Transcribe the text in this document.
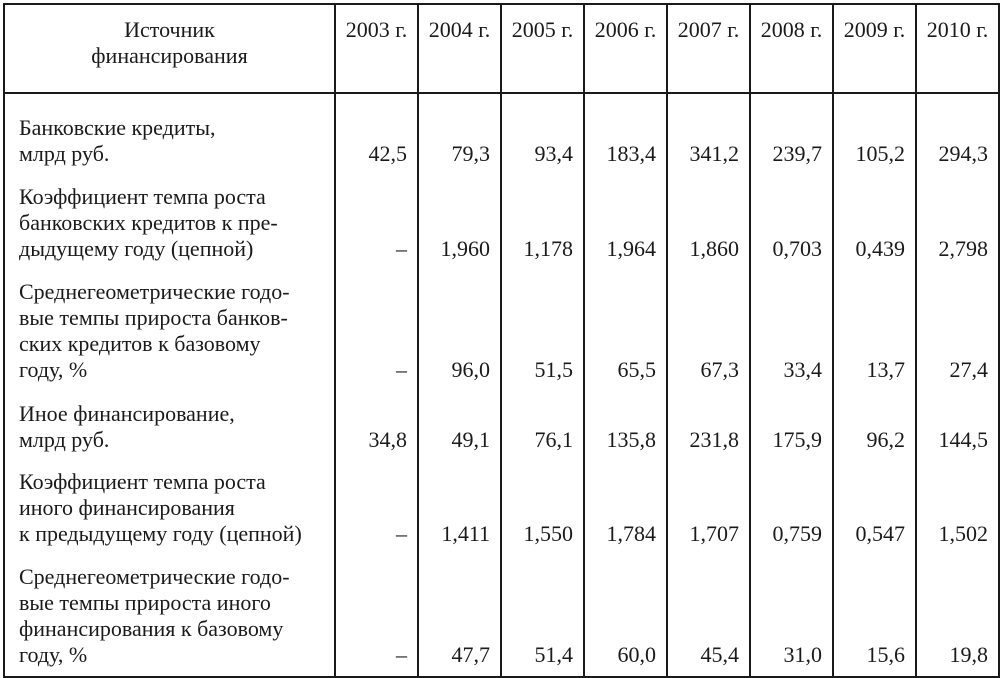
Источник
финансирования	2003 г.	2004 г.	2005 г.	2006 г.	2007 г.	2008 г.	2009 г.	2010 г.
Банковские кредиты,
млрд руб.	42,5	79,3	93,4	183,4	341,2	239,7	105,2	294,3
Коэффициент темпа роста
банковских кредитов к пре-
дыдущему году (цепной)	–	1,960	1,178	1,964	1,860	0,703	0,439	2,798
Среднегеометрические годо-
вые темпы прироста банков-
ских кредитов к базовому
году, %	–	96,0	51,5	65,5	67,3	33,4	13,7	27,4
Иное финансирование,
млрд руб.	34,8	49,1	76,1	135,8	231,8	175,9	96,2	144,5
Коэффициент темпа роста
иного финансирования
к предыдущему году (цепной)	–	1,411	1,550	1,784	1,707	0,759	0,547	1,502
Среднегеометрические годо-
вые темпы прироста иного
финансирования к базовому
году, %	–	47,7	51,4	60,0	45,4	31,0	15,6	19,8
